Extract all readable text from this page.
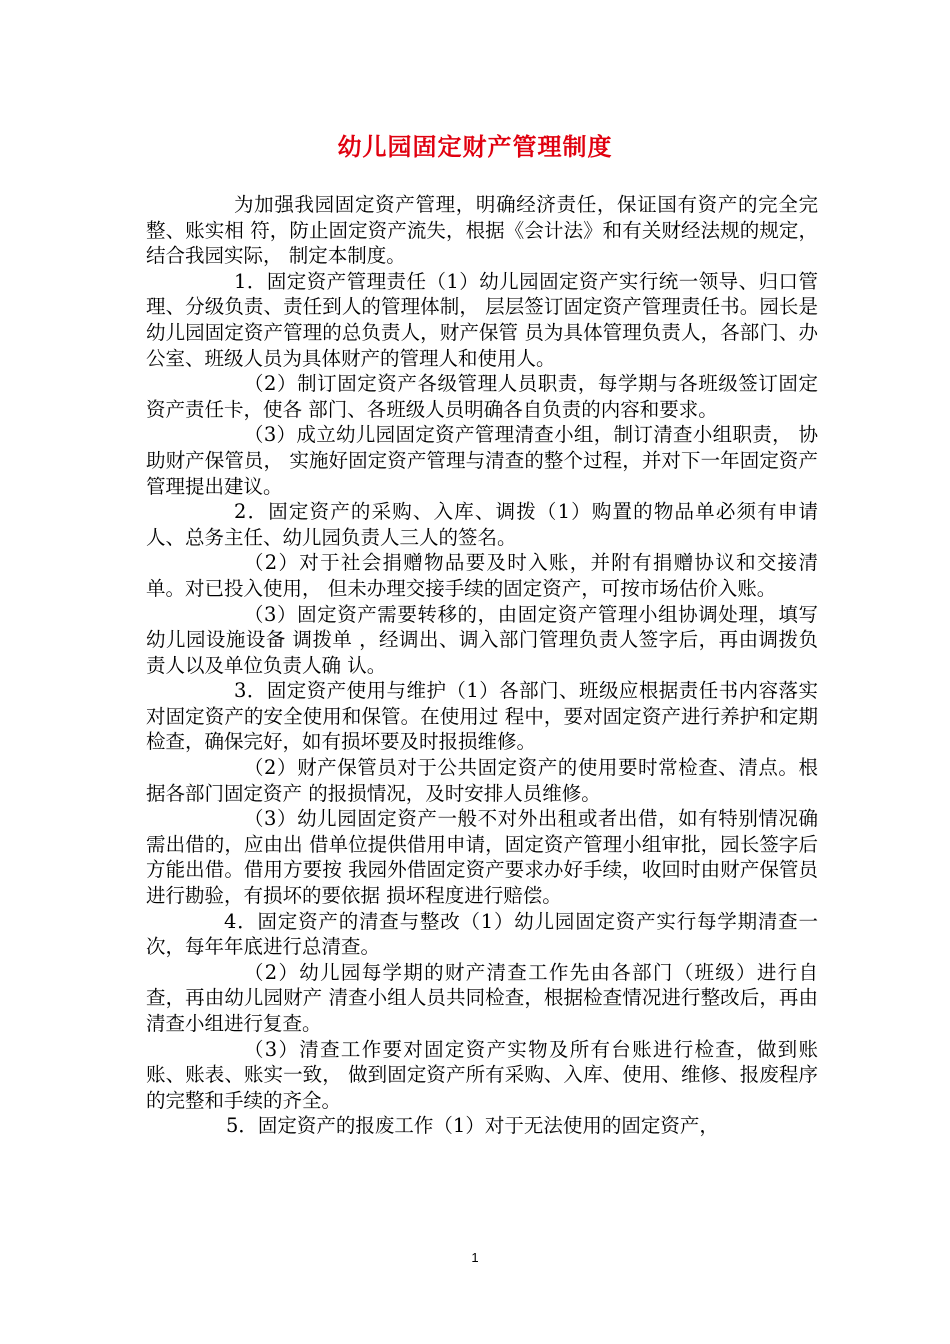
幼儿园固定财产管理制度

为加强我园固定资产管理，明确经济责任，保证国有资产的完全完整、账实相 符，防止固定资产流失，根据《会计法》和有关财经法规的规定，结合我园实际， 制定本制度。

1．固定资产管理责任（1）幼儿园固定资产实行统一领导、归口管理、分级负责、责任到人的管理体制， 层层签订固定资产管理责任书。园长是幼儿园固定资产管理的总负责人，财产保管 员为具体管理负责人，各部门、办公室、班级人员为具体财产的管理人和使用人。

（2）制订固定资产各级管理人员职责，每学期与各班级签订固定资产责任卡，使各 部门、各班级人员明确各自负责的内容和要求。

（3）成立幼儿园固定资产管理清查小组，制订清查小组职责， 协助财产保管员， 实施好固定资产管理与清查的整个过程，并对下一年固定资产管理提出建议。

2．固定资产的采购、入库、调拨（1）购置的物品单必须有申请人、总务主任、幼儿园负责人三人的签名。

（2）对于社会捐赠物品要及时入账，并附有捐赠协议和交接清单。对已投入使用， 但未办理交接手续的固定资产，可按市场估价入账。

（3）固定资产需要转移的，由固定资产管理小组协调处理，填写幼儿园设施设备 调拨单 ，经调出、调入部门管理负责人签字后，再由调拨负责人以及单位负责人确 认。

3．固定资产使用与维护（1）各部门、班级应根据责任书内容落实对固定资产的安全使用和保管。在使用过 程中，要对固定资产进行养护和定期检查，确保完好，如有损坏要及时报损维修。

（2）财产保管员对于公共固定资产的使用要时常检查、清点。根据各部门固定资产 的报损情况，及时安排人员维修。

（3）幼儿园固定资产一般不对外出租或者出借，如有特别情况确需出借的，应由出 借单位提供借用申请，固定资产管理小组审批，园长签字后方能出借。借用方要按 我园外借固定资产要求办好手续，收回时由财产保管员进行勘验，有损坏的要依据 损坏程度进行赔偿。

4．固定资产的清查与整改（1）幼儿园固定资产实行每学期清查一次，每年年底进行总清查。

（2）幼儿园每学期的财产清查工作先由各部门（班级）进行自查，再由幼儿园财产 清查小组人员共同检查，根据检查情况进行整改后，再由清查小组进行复查。

（3）清查工作要对固定资产实物及所有台账进行检查，做到账账、账表、账实一致， 做到固定资产所有采购、入库、使用、维修、报废程序的完整和手续的齐全。

5．固定资产的报废工作（1）对于无法使用的固定资产，

1
